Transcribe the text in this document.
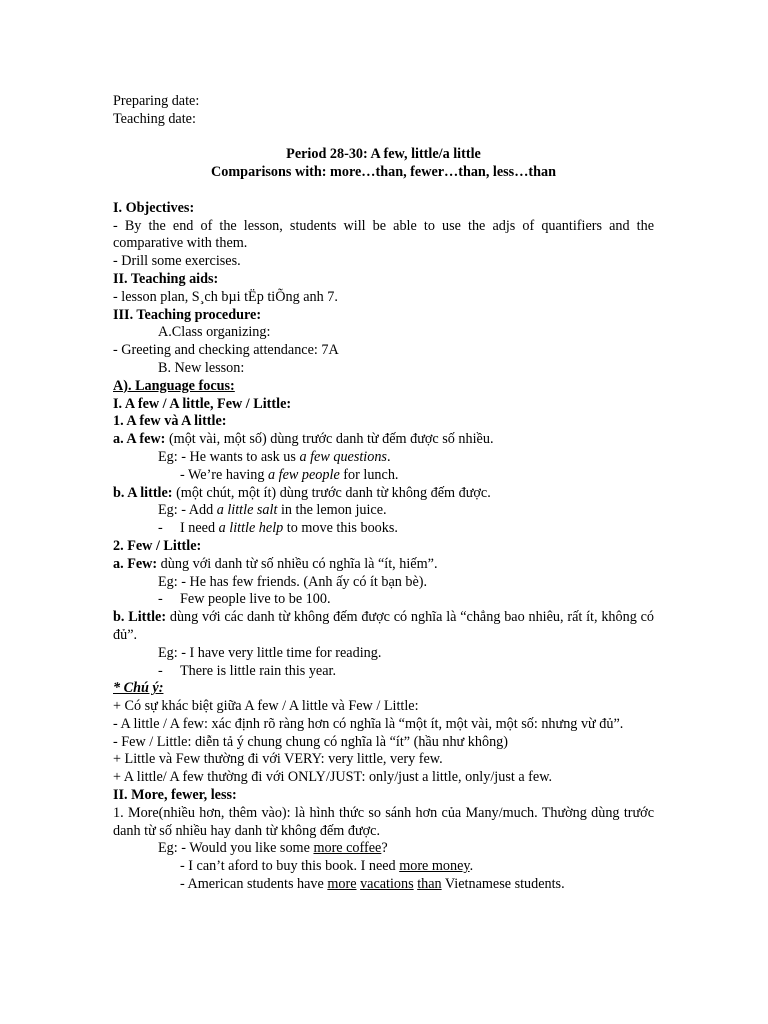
Preparing date:
Teaching date:
Period 28-30: A few, little/a little
Comparisons with: more…than, fewer…than, less…than
I. Objectives:
- By the end of the lesson, students will be able to use the adjs of quantifiers and the comparative with them.
- Drill some exercises.
II. Teaching aids:
- lesson plan, S¸ch bµi tËp tiÕng anh 7.
III. Teaching procedure:
A.Class organizing:
- Greeting and checking attendance: 7A
B. New lesson:
A). Language focus:
I. A few / A little, Few / Little:
1. A few và A little:
a. A few: (một vài, một số) dùng trước danh từ đếm được số nhiều.
Eg: - He wants to ask us a few questions.
- We’re having a few people for lunch.
b. A little: (một chút, một ít) dùng trước danh từ không đếm được.
Eg: - Add a little salt in the lemon juice.
- I need a little help to move this books.
2. Few / Little:
a. Few: dùng với danh từ số nhiều có nghĩa là “ít, hiếm”.
Eg: - He has few friends. (Anh ấy có ít bạn bè).
- Few people live to be 100.
b. Little: dùng với các danh từ không đếm được có nghĩa là “chẳng bao nhiêu, rất ít, không có đủ”.
Eg: - I have very little time for reading.
- There is little rain this year.
* Chú ý:
+ Có sự khác biệt giữa A few / A little và Few / Little:
- A little / A few: xác định rõ ràng hơn có nghĩa là “một ít, một vài, một số: nhưng vừ đủ”.
- Few / Little: diễn tả ý chung chung có nghĩa là “ít” (hầu như không)
+ Little và Few thường đi với VERY: very little, very few.
+ A little/ A few thường đi với ONLY/JUST: only/just a little, only/just a few.
II. More, fewer, less:
1. More(nhiều hơn, thêm vào): là hình thức so sánh hơn của Many/much. Thường dùng trước danh từ số nhiều hay danh từ không đếm được.
Eg: - Would you like some more coffee?
- I can’t aford to buy this book. I need more money.
- American students have more vacations than Vietnamese students.
